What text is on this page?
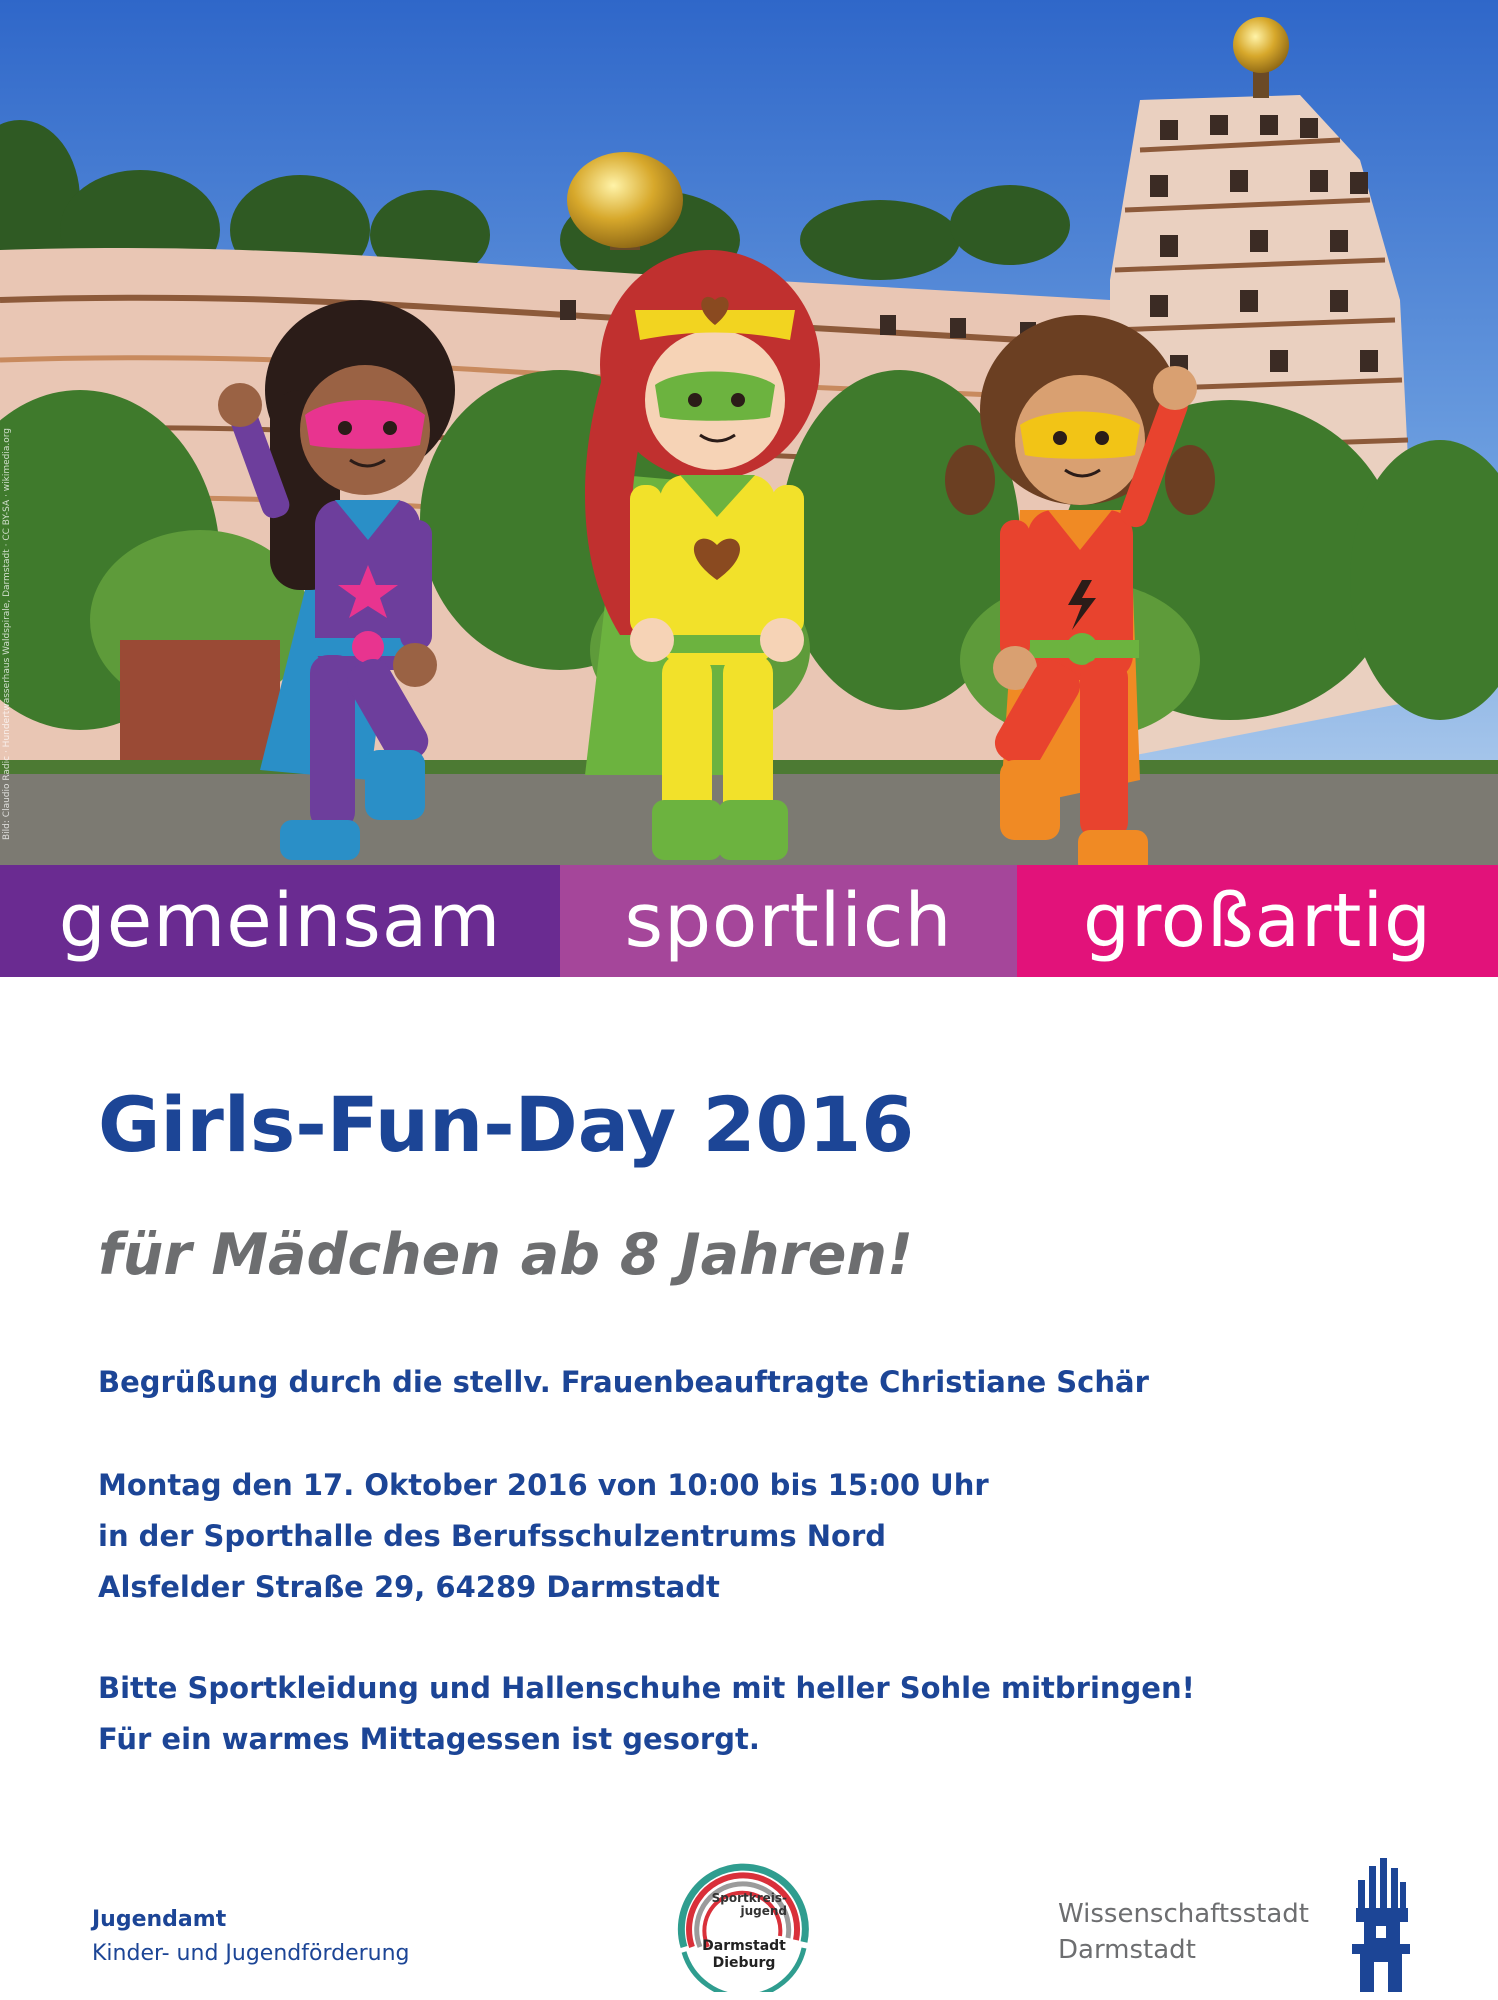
Bild: Claudio Radic · Hundertwasserhaus Waldspirale, Darmstadt · CC BY-SA · wikimedia.org
gemeinsam	sportlich	großartig
Girls-Fun-Day 2016
für Mädchen ab 8 Jahren!
Begrüßung durch die stellv. Frauenbeauftragte Christiane Schär
Montag den 17. Oktober 2016 von 10:00 bis 15:00 Uhr
in der Sporthalle des Berufsschulzentrums Nord
Alsfelder Straße 29, 64289 Darmstadt
Bitte Sportkleidung und Hallenschuhe mit heller Sohle mitbringen!
Für ein warmes Mittagessen ist gesorgt.
Jugendamt
Kinder- und Jugendförderung
Sportkreis-
jugend
Darmstadt
Dieburg
Wissenschaftsstadt
Darmstadt
